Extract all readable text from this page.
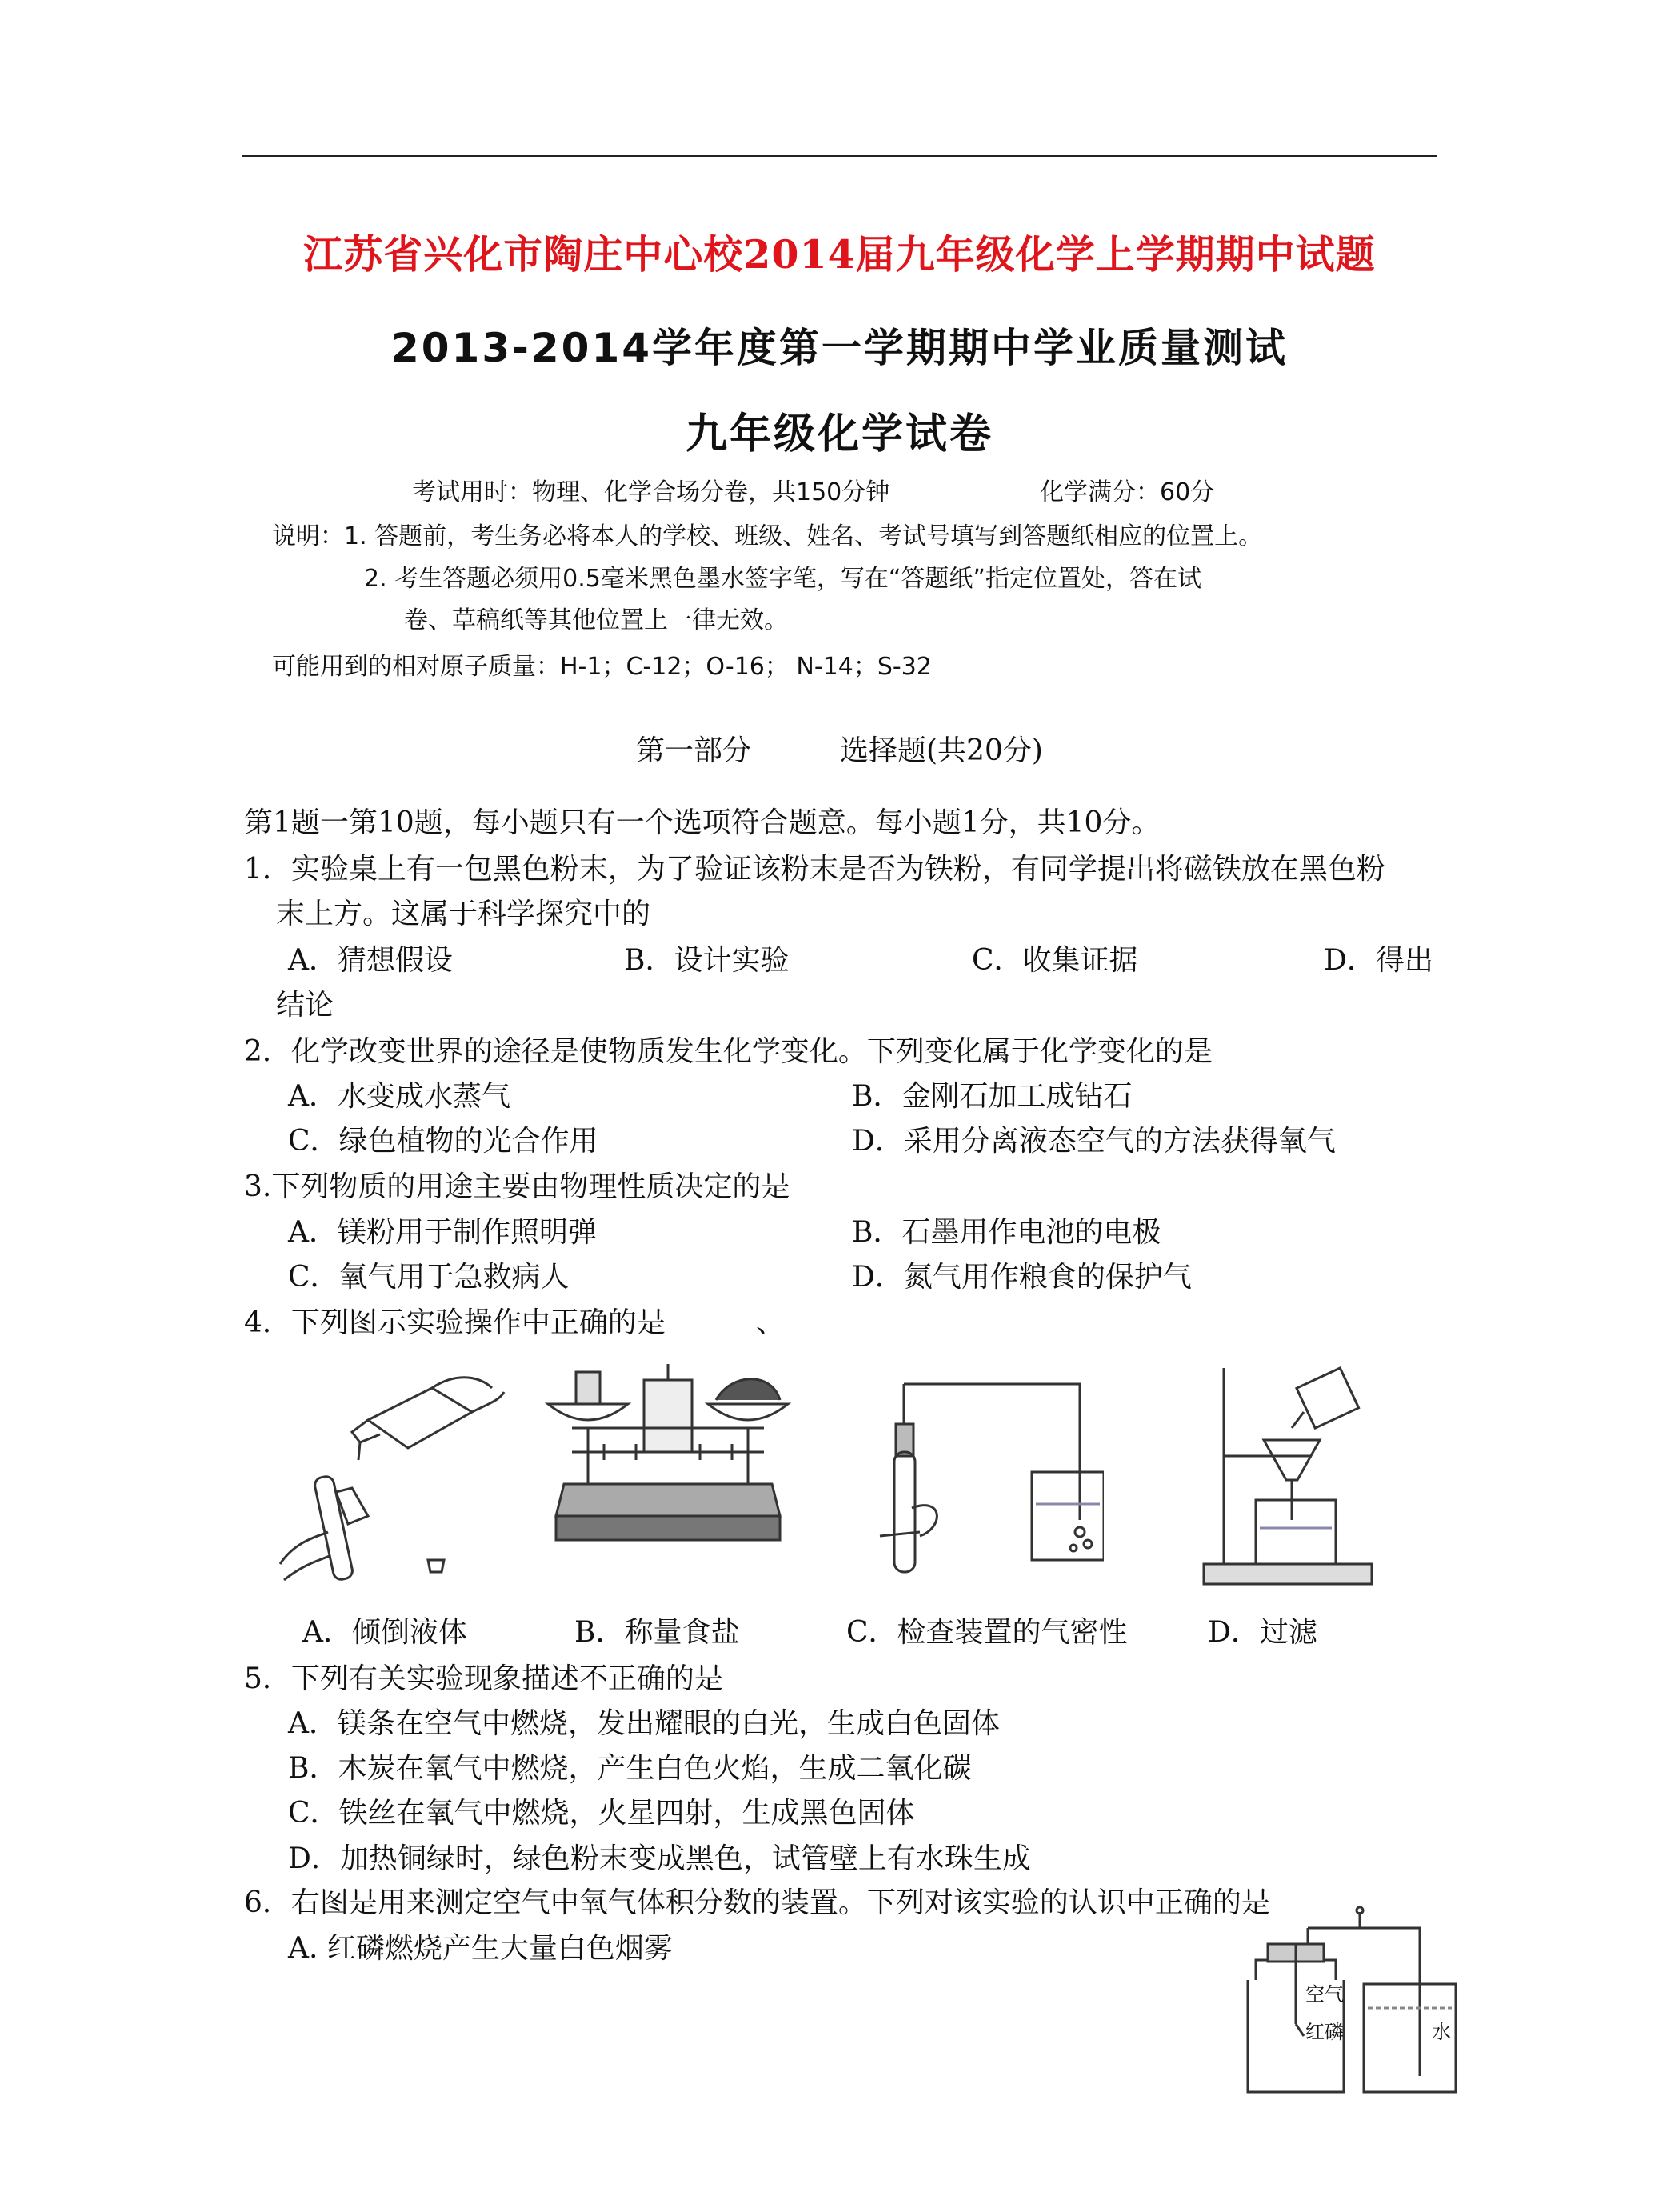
江苏省兴化市陶庄中心校2014届九年级化学上学期期中试题
2013-2014学年度第一学期期中学业质量测试
九年级化学试卷
考试用时：物理、化学合场分卷，共150分钟	化学满分：60分
说明：1. 答题前，考生务必将本人的学校、班级、姓名、考试号填写到答题纸相应的位置上。
2. 考生答题必须用0.5毫米黑色墨水签字笔，写在“答题纸”指定位置处，答在试
卷、草稿纸等其他位置上一律无效。
可能用到的相对原子质量：H-1；C-12；O-16； N-14；S-32
第一部分	选择题(共20分)
第1题一第10题，每小题只有一个选项符合题意。每小题1分，共10分。
1．实验桌上有一包黑色粉末，为了验证该粉末是否为铁粉，有同学提出将磁铁放在黑色粉
末上方。这属于科学探究中的
A．猜想假设	B．设计实验	C．收集证据	D．得出
结论
2．化学改变世界的途径是使物质发生化学变化。下列变化属于化学变化的是
A．水变成水蒸气	B．金刚石加工成钻石
C．绿色植物的光合作用	D．采用分离液态空气的方法获得氧气
3.下列物质的用途主要由物理性质决定的是
A．镁粉用于制作照明弹	B．石墨用作电池的电极
C．氧气用于急救病人	D．氮气用作粮食的保护气
4．下列图示实验操作中正确的是	、
A．倾倒液体	B．称量食盐	C．检查装置的气密性	D．过滤
5．下列有关实验现象描述不正确的是
A．镁条在空气中燃烧，发出耀眼的白光，生成白色固体
B．木炭在氧气中燃烧，产生白色火焰，生成二氧化碳
C．铁丝在氧气中燃烧，火星四射，生成黑色固体
D．加热铜绿时，绿色粉末变成黑色，试管壁上有水珠生成
6．右图是用来测定空气中氧气体积分数的装置。下列对该实验的认识中正确的是
A. 红磷燃烧产生大量白色烟雾
空气
红磷	水
